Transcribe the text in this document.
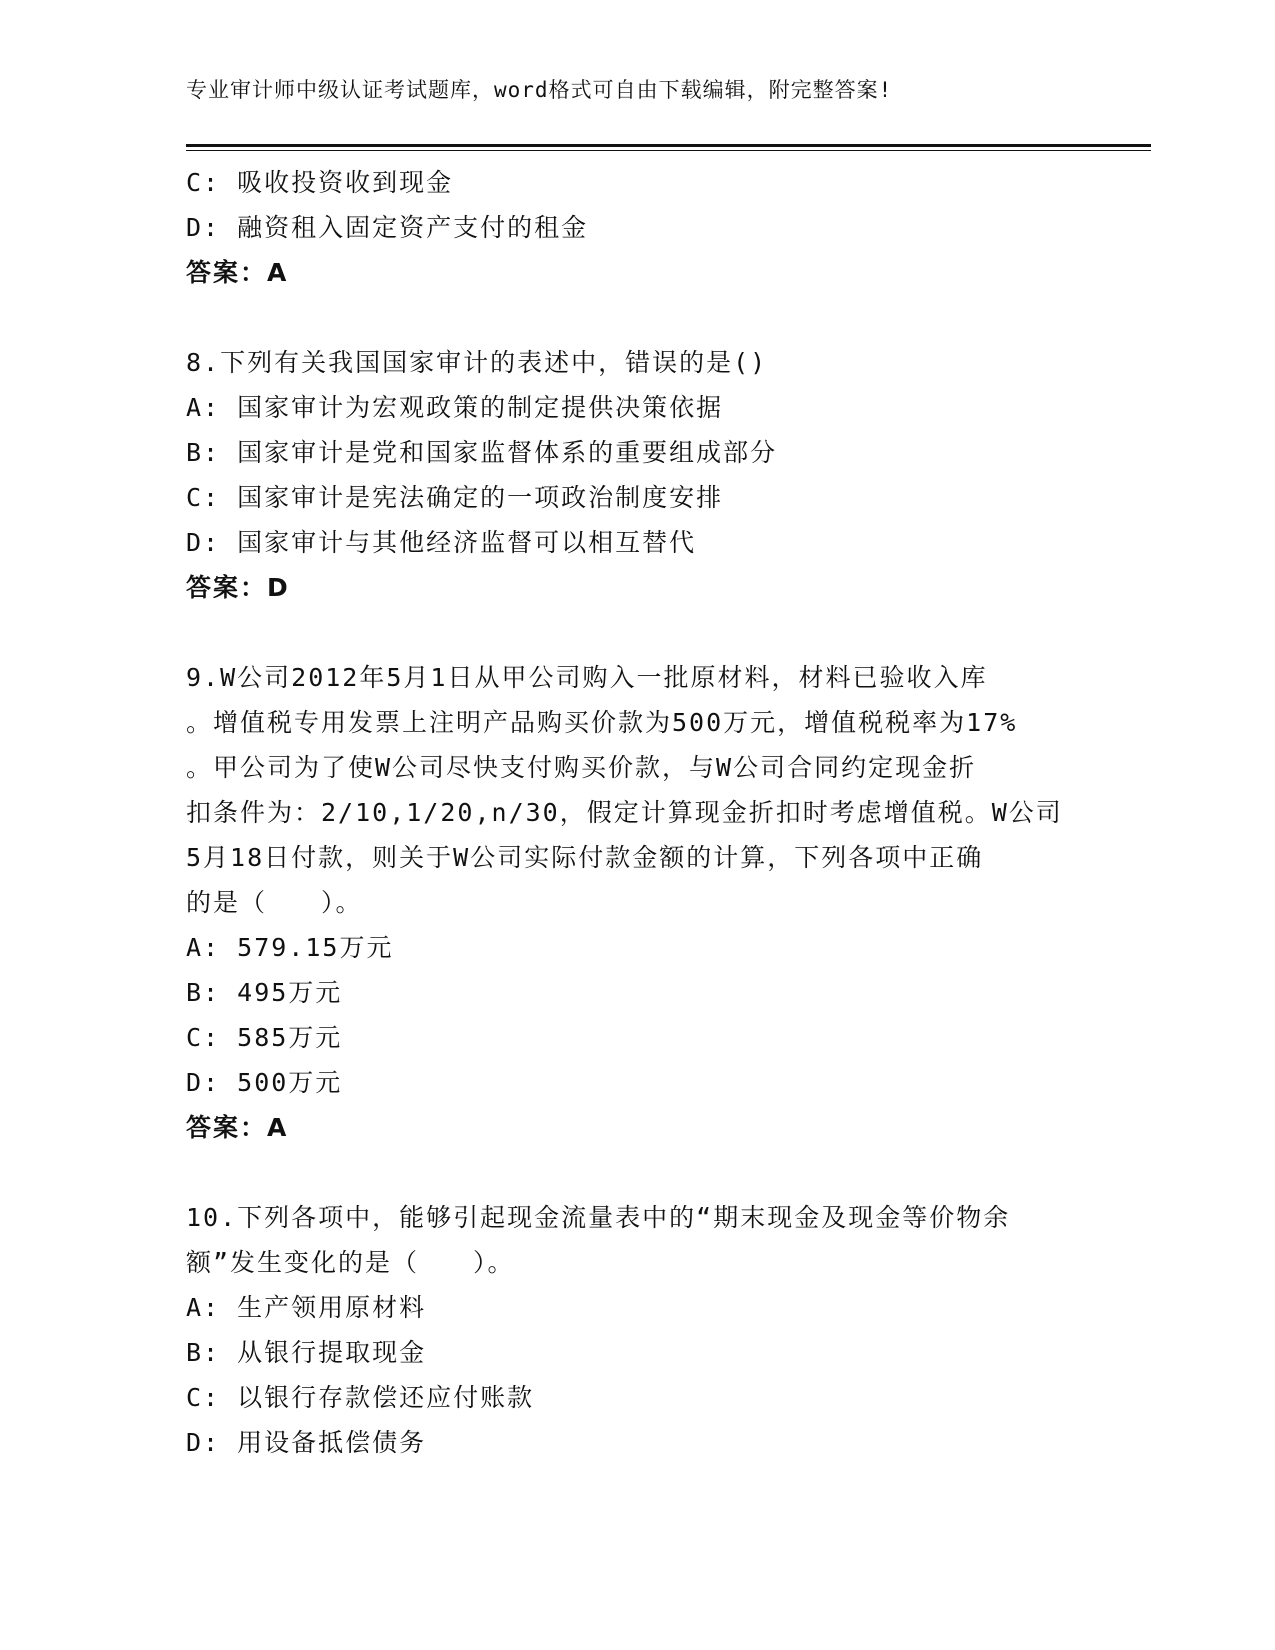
专业审计师中级认证考试题库，word格式可自由下载编辑，附完整答案!
C: 吸收投资收到现金
D: 融资租入固定资产支付的租金
答案：A
8.下列有关我国国家审计的表述中，错误的是()
A: 国家审计为宏观政策的制定提供决策依据
B: 国家审计是党和国家监督体系的重要组成部分
C: 国家审计是宪法确定的一项政治制度安排
D: 国家审计与其他经济监督可以相互替代
答案：D
9.W公司2012年5月1日从甲公司购入一批原材料，材料已验收入库
。增值税专用发票上注明产品购买价款为500万元，增值税税率为17%
。甲公司为了使W公司尽快支付购买价款，与W公司合同约定现金折
扣条件为：2/10,1/20,n/30，假定计算现金折扣时考虑增值税。W公司
5月18日付款，则关于W公司实际付款金额的计算，下列各项中正确
的是（　　）。
A: 579.15万元
B: 495万元
C: 585万元
D: 500万元
答案：A
10.下列各项中，能够引起现金流量表中的“期末现金及现金等价物余
额”发生变化的是（　　）。
A: 生产领用原材料
B: 从银行提取现金
C: 以银行存款偿还应付账款
D: 用设备抵偿债务
